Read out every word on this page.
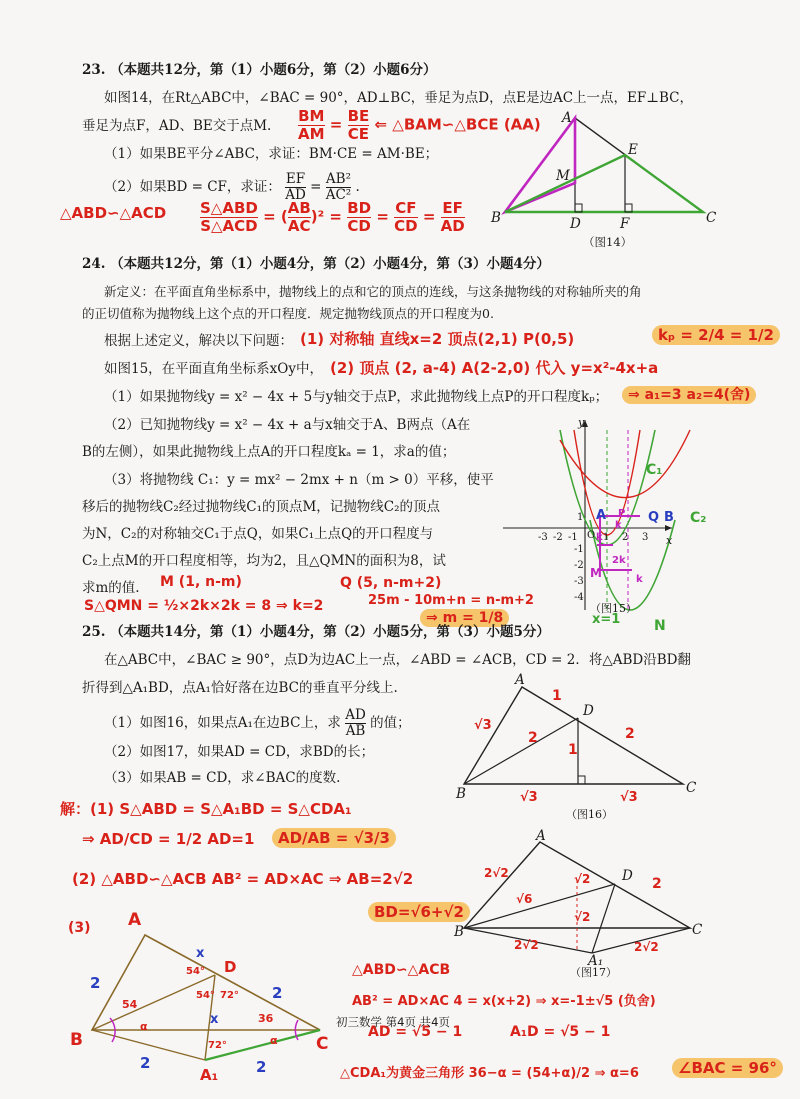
23. （本题共12分，第（1）小题6分，第（2）小题6分）
如图14，在Rt△ABC中，∠BAC = 90°，AD⊥BC，垂足为点D，点E是边AC上一点，EF⊥BC，
垂足为点F，AD、BE交于点M.
（1）如果BE平分∠ABC，求证：BM·CE = AM·BE；
（2）如果BD = CF，求证： $\frac{EF}{AD} = \frac{\text{AB²}}{\text{AC²}}$ .
$\frac{BM}{AM} = \frac{BE}{CE}$ ⇐ △BAM∽△BCE (AA)
△ABD∽△ACD $\frac{\text{S△ABD}}{\text{S△ACD}}$ = ( $\frac{AB}{AC} )^2 = \frac{BD}{CD} = \frac{CF}{CD} = \frac{EF}{AD}$
A
B	C
D
E
F
M
（图14）
24. （本题共12分，第（1）小题4分，第（2）小题4分，第（3）小题4分）
新定义：在平面直角坐标系中，抛物线上的点和它的顶点的连线，与这条抛物线的对称轴所夹的角
的正切值称为抛物线上这个点的开口程度．规定抛物线顶点的开口程度为0.
根据上述定义，解决以下问题：
如图15，在平面直角坐标系xOy中，
（1）如果抛物线y = x² − 4x + 5与y轴交于点P，求此抛物线上点P的开口程度kₚ；
（2）已知抛物线y = x² − 4x + a与x轴交于A、B两点（A在
B的左侧），如果此抛物线上点A的开口程度kₐ = 1，求a的值；
（3）将抛物线 C₁：y = mx² − 2mx + n（m > 0）平移，使平
移后的抛物线C₂经过抛物线C₁的顶点M，记抛物线C₂的顶点
为N，C₂的对称轴交C₁于点Q，如果C₁上点Q的开口程度与
C₂上点M的开口程度相等，均为2，且△QMN的面积为8，试
求m的值.
(1) 对称轴 直线x=2 顶点(2,1) P(0,5)	kₚ = 2/4 = 1/2
(2) 顶点 (2, a-4) A(2-2,0) 代入 y=x²-4x+a
⇒ a₁=3 a₂=4(舍)
M (1, n-m)	Q (5, n-m+2)
25m - 10m+n = n-m+2
S△QMN = ½×2k×2k = 8 ⇒ k=2
⇒ m = 1/8
y
x
O
-3 -2 -1	1 2 3
1
-1
-2
-3
-4
（图15）
C₁
C₂
N
x=1
A	Q B
M
2k
k
k
k
P
25. （本题共14分，第（1）小题4分，第（2）小题5分，第（3）小题5分）
在△ABC中，∠BAC ≥ 90°，点D为边AC上一点，∠ABD = ∠ACB，CD = 2．将△ABD沿BD翻
折得到△A₁BD，点A₁恰好落在边BC的垂直平分线上.
（1）如图16，如果点A₁在边BC上，求 $\frac{AD}{AB}$ 的值；
（2）如图17，如果AD = CD，求BD的长；
（3）如果AB = CD，求∠BAC的度数.
A
B	C
D
1
√3
2	2
1
√3	√3
（图16）
解：(1) S△ABD = S△A₁BD = S△CDA₁
⇒ AD/CD = 1/2 AD=1	AD/AB = √3/3
(2) △ABD∽△ACB AB² = AD×AC ⇒ AB=2√2
BD=√6+√2
(3)
A
B	C
D
A₁
2√2	√2
√6
√2
2√2	2√2
2
（图17）
A
B	C
D
A₁
x
x
54°
54° 72°
72°
36
54
2
2
2	2
α
α
△ABD∽△ACB
AB² = AD×AC 4 = x(x+2) ⇒ x=-1±√5 (负舍)
AD = √5 − 1	A₁D = √5 − 1
△CDA₁为黄金三角形 36−α = (54+α)/2 ⇒ α=6	∠BAC = 96°
初三数学 第4页 共4页
